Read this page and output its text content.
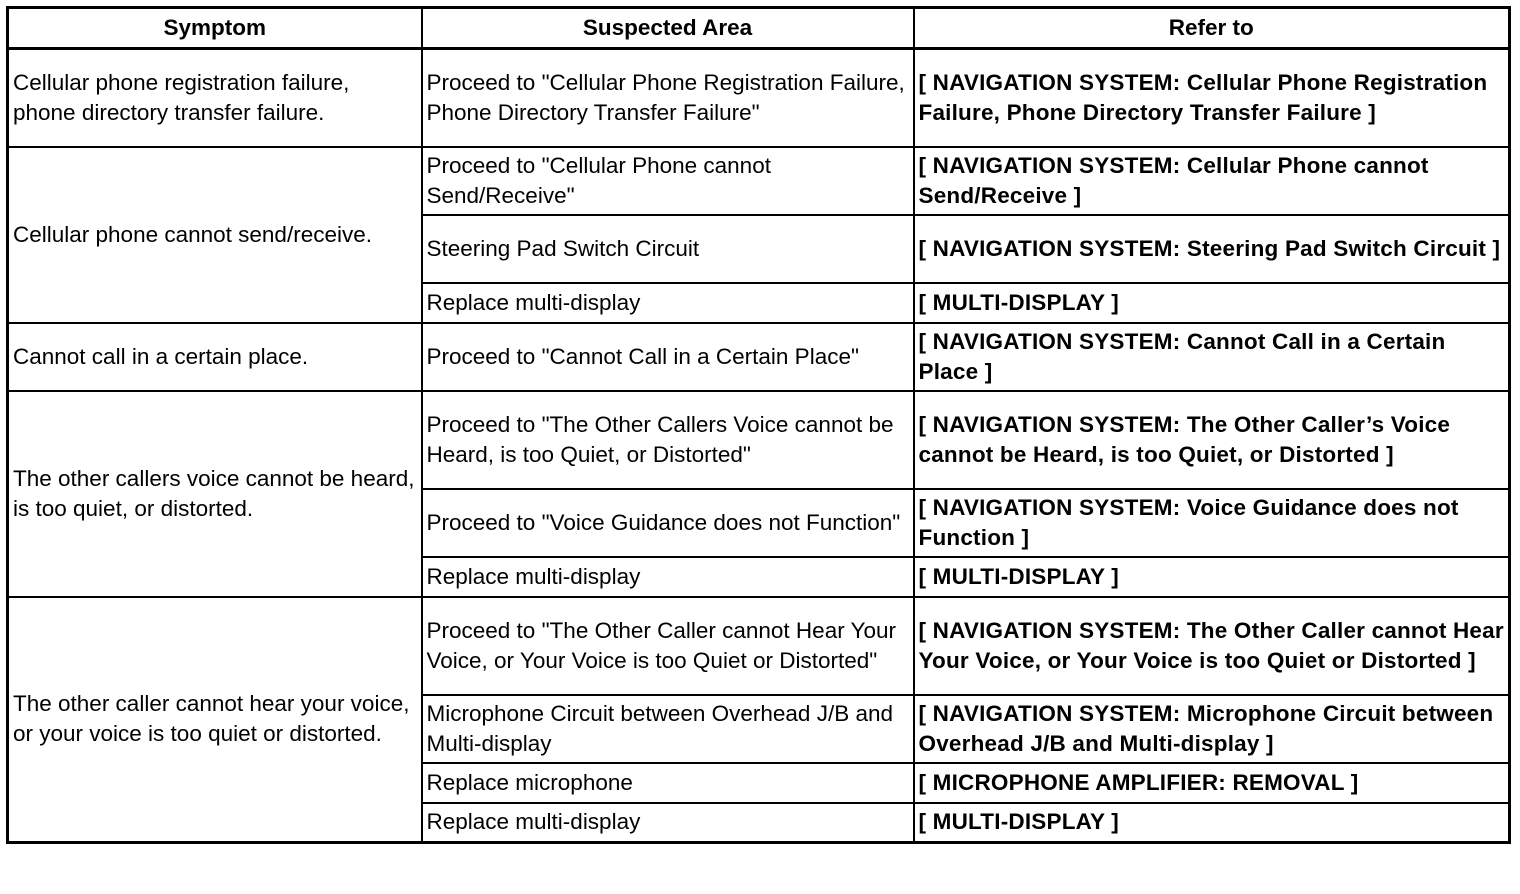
Symptom	Suspected Area	Refer to
Cellular phone registration failure, phone directory transfer failure.	Proceed to "Cellular Phone Registration Failure, Phone Directory Transfer Failure"	[ NAVIGATION SYSTEM: Cellular Phone Registration Failure, Phone Directory Transfer Failure ]
Cellular phone cannot send/receive.	Proceed to "Cellular Phone cannot Send/Receive"	[ NAVIGATION SYSTEM: Cellular Phone cannot Send/Receive ]
	Steering Pad Switch Circuit	[ NAVIGATION SYSTEM: Steering Pad Switch Circuit ]
	Replace multi-display	[ MULTI-DISPLAY ]
Cannot call in a certain place.	Proceed to "Cannot Call in a Certain Place"	[ NAVIGATION SYSTEM: Cannot Call in a Certain Place ]
The other callers voice cannot be heard, is too quiet, or distorted.	Proceed to "The Other Callers Voice cannot be Heard, is too Quiet, or Distorted"	[ NAVIGATION SYSTEM: The Other Caller’s Voice cannot be Heard, is too Quiet, or Distorted ]
	Proceed to "Voice Guidance does not Function"	[ NAVIGATION SYSTEM: Voice Guidance does not Function ]
	Replace multi-display	[ MULTI-DISPLAY ]
The other caller cannot hear your voice, or your voice is too quiet or distorted.	Proceed to "The Other Caller cannot Hear Your Voice, or Your Voice is too Quiet or Distorted"	[ NAVIGATION SYSTEM: The Other Caller cannot Hear Your Voice, or Your Voice is too Quiet or Distorted ]
	Microphone Circuit between Overhead J/B and Multi-display	[ NAVIGATION SYSTEM: Microphone Circuit between Overhead J/B and Multi-display ]
	Replace microphone	[ MICROPHONE AMPLIFIER: REMOVAL ]
	Replace multi-display	[ MULTI-DISPLAY ]
